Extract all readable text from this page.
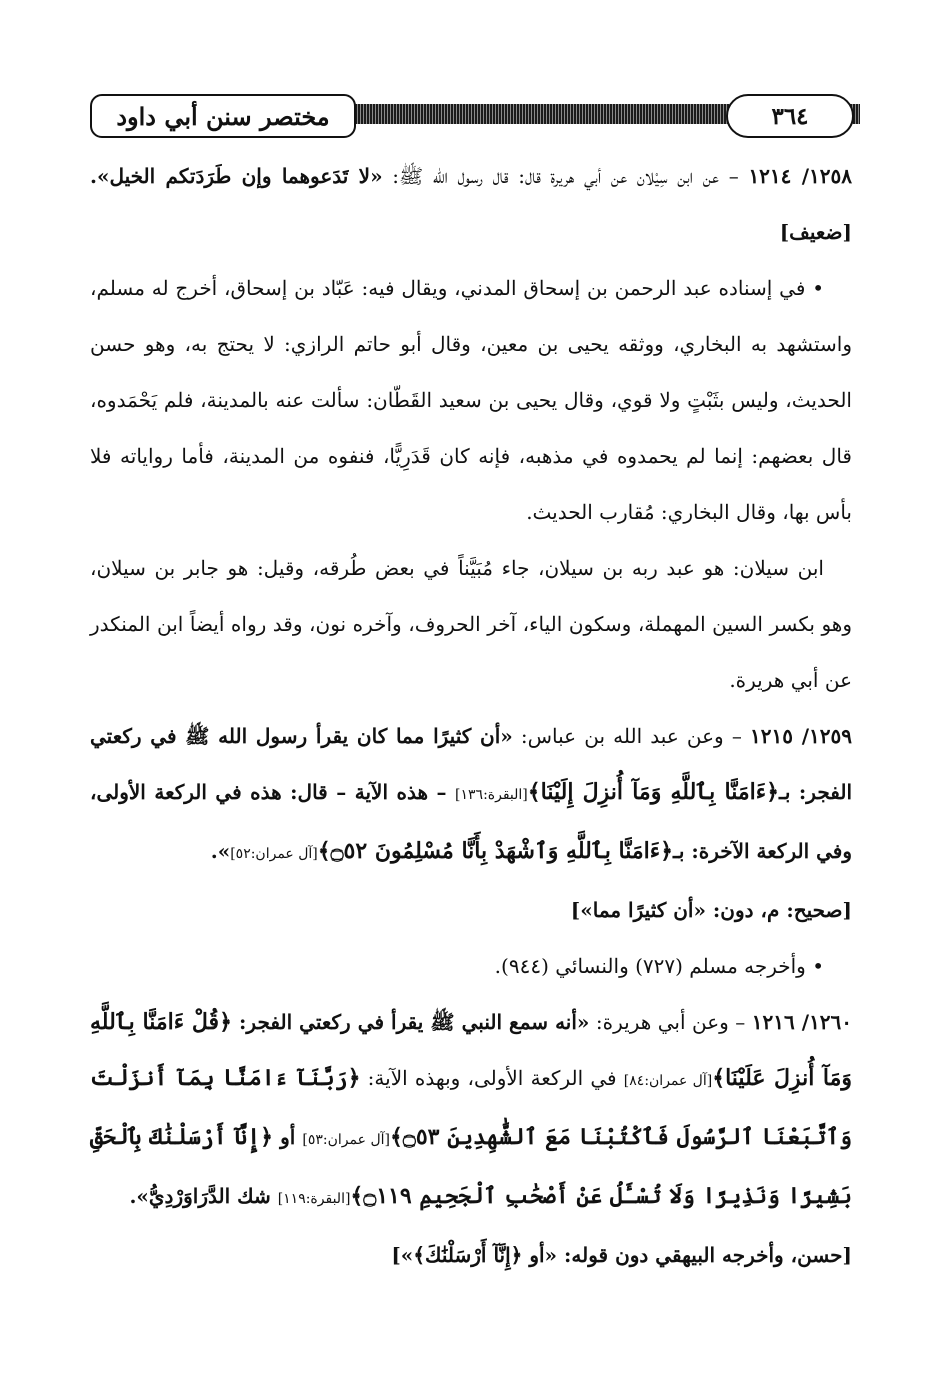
مختصر سنن أبي داود	٣٦٤

١٢٥٨/ ١٢١٤ – عن ابن سِيْلان عن أبي هريرة قال: قال رسول الله ﷺ: «لا تَدَعوهما وإن طَرَدَتكم الخيل». [ضعيف]

• في إسناده عبد الرحمن بن إسحاق المدني، ويقال فيه: عَبّاد بن إسحاق، أخرج له مسلم، واستشهد به البخاري، ووثقه يحيى بن معين، وقال أبو حاتم الرازي: لا يحتج به، وهو حسن الحديث، وليس بثَبْتٍ ولا قوي، وقال يحيى بن سعيد القَطّان: سألت عنه بالمدينة، فلم يَحْمَدوه، قال بعضهم: إنما لم يحمدوه في مذهبه، فإنه كان قَدَرِيًّا، فنفوه من المدينة، فأما رواياته فلا بأس بها، وقال البخاري: مُقارب الحديث.

ابن سيلان: هو عبد ربه بن سيلان، جاء مُبَيَّناً في بعض طُرقه، وقيل: هو جابر بن سيلان، وهو بكسر السين المهملة، وسكون الياء، آخر الحروف، وآخره نون، وقد رواه أيضاً ابن المنكدر عن أبي هريرة.

١٢٥٩/ ١٢١٥ – وعن عبد الله بن عباس: «أن كثيرًا مما كان يقرأ رسول الله ﷺ في ركعتي الفجر: بـ﴿ءَامَنَّا بِٱللَّهِ وَمَآ أُنزِلَ إِلَيْنَا﴾[البقرة:١٣٦] – هذه الآية – قال: هذه في الركعة الأولى، وفي الركعة الآخرة: بـ﴿ءَامَنَّا بِٱللَّهِ وَٱشْهَدْ بِأَنَّا مُسْلِمُونَ ۝٥٢﴾[آل عمران:٥٢]».

[صحيح: م، دون: «أن كثيرًا مما»]

• وأخرجه مسلم (٧٢٧) والنسائي (٩٤٤).

١٢٦٠/ ١٢١٦ – وعن أبي هريرة: «أنه سمع النبي ﷺ يقرأ في ركعتي الفجر: ﴿قُلْ ءَامَنَّا بِٱللَّهِ وَمَآ أُنزِلَ عَلَيْنَا﴾[آل عمران:٨٤] في الركعة الأولى، وبهذه الآية: ﴿رَبَّنَآ ءَامَنَّا بِمَآ أَنزَلْتَ وَٱتَّبَعْنَا ٱلرَّسُولَ فَٱكْتُبْنَا مَعَ ٱلشَّٰهِدِينَ ۝٥٣﴾[آل عمران:٥٣] أو ﴿إِنَّآ أَرْسَلْنَٰكَ بِٱلْحَقِّ بَشِيرًا وَنَذِيرًا وَلَا تُسْـَٔلُ عَنْ أَصْحَٰبِ ٱلْجَحِيمِ ۝١١٩﴾[البقرة:١١٩] شك الدَّرَاوَرْدِيُّ».

[حسن، وأخرجه البيهقي دون قوله: «أو ﴿إِنَّآ أَرْسَلْنَٰكَ﴾»]
